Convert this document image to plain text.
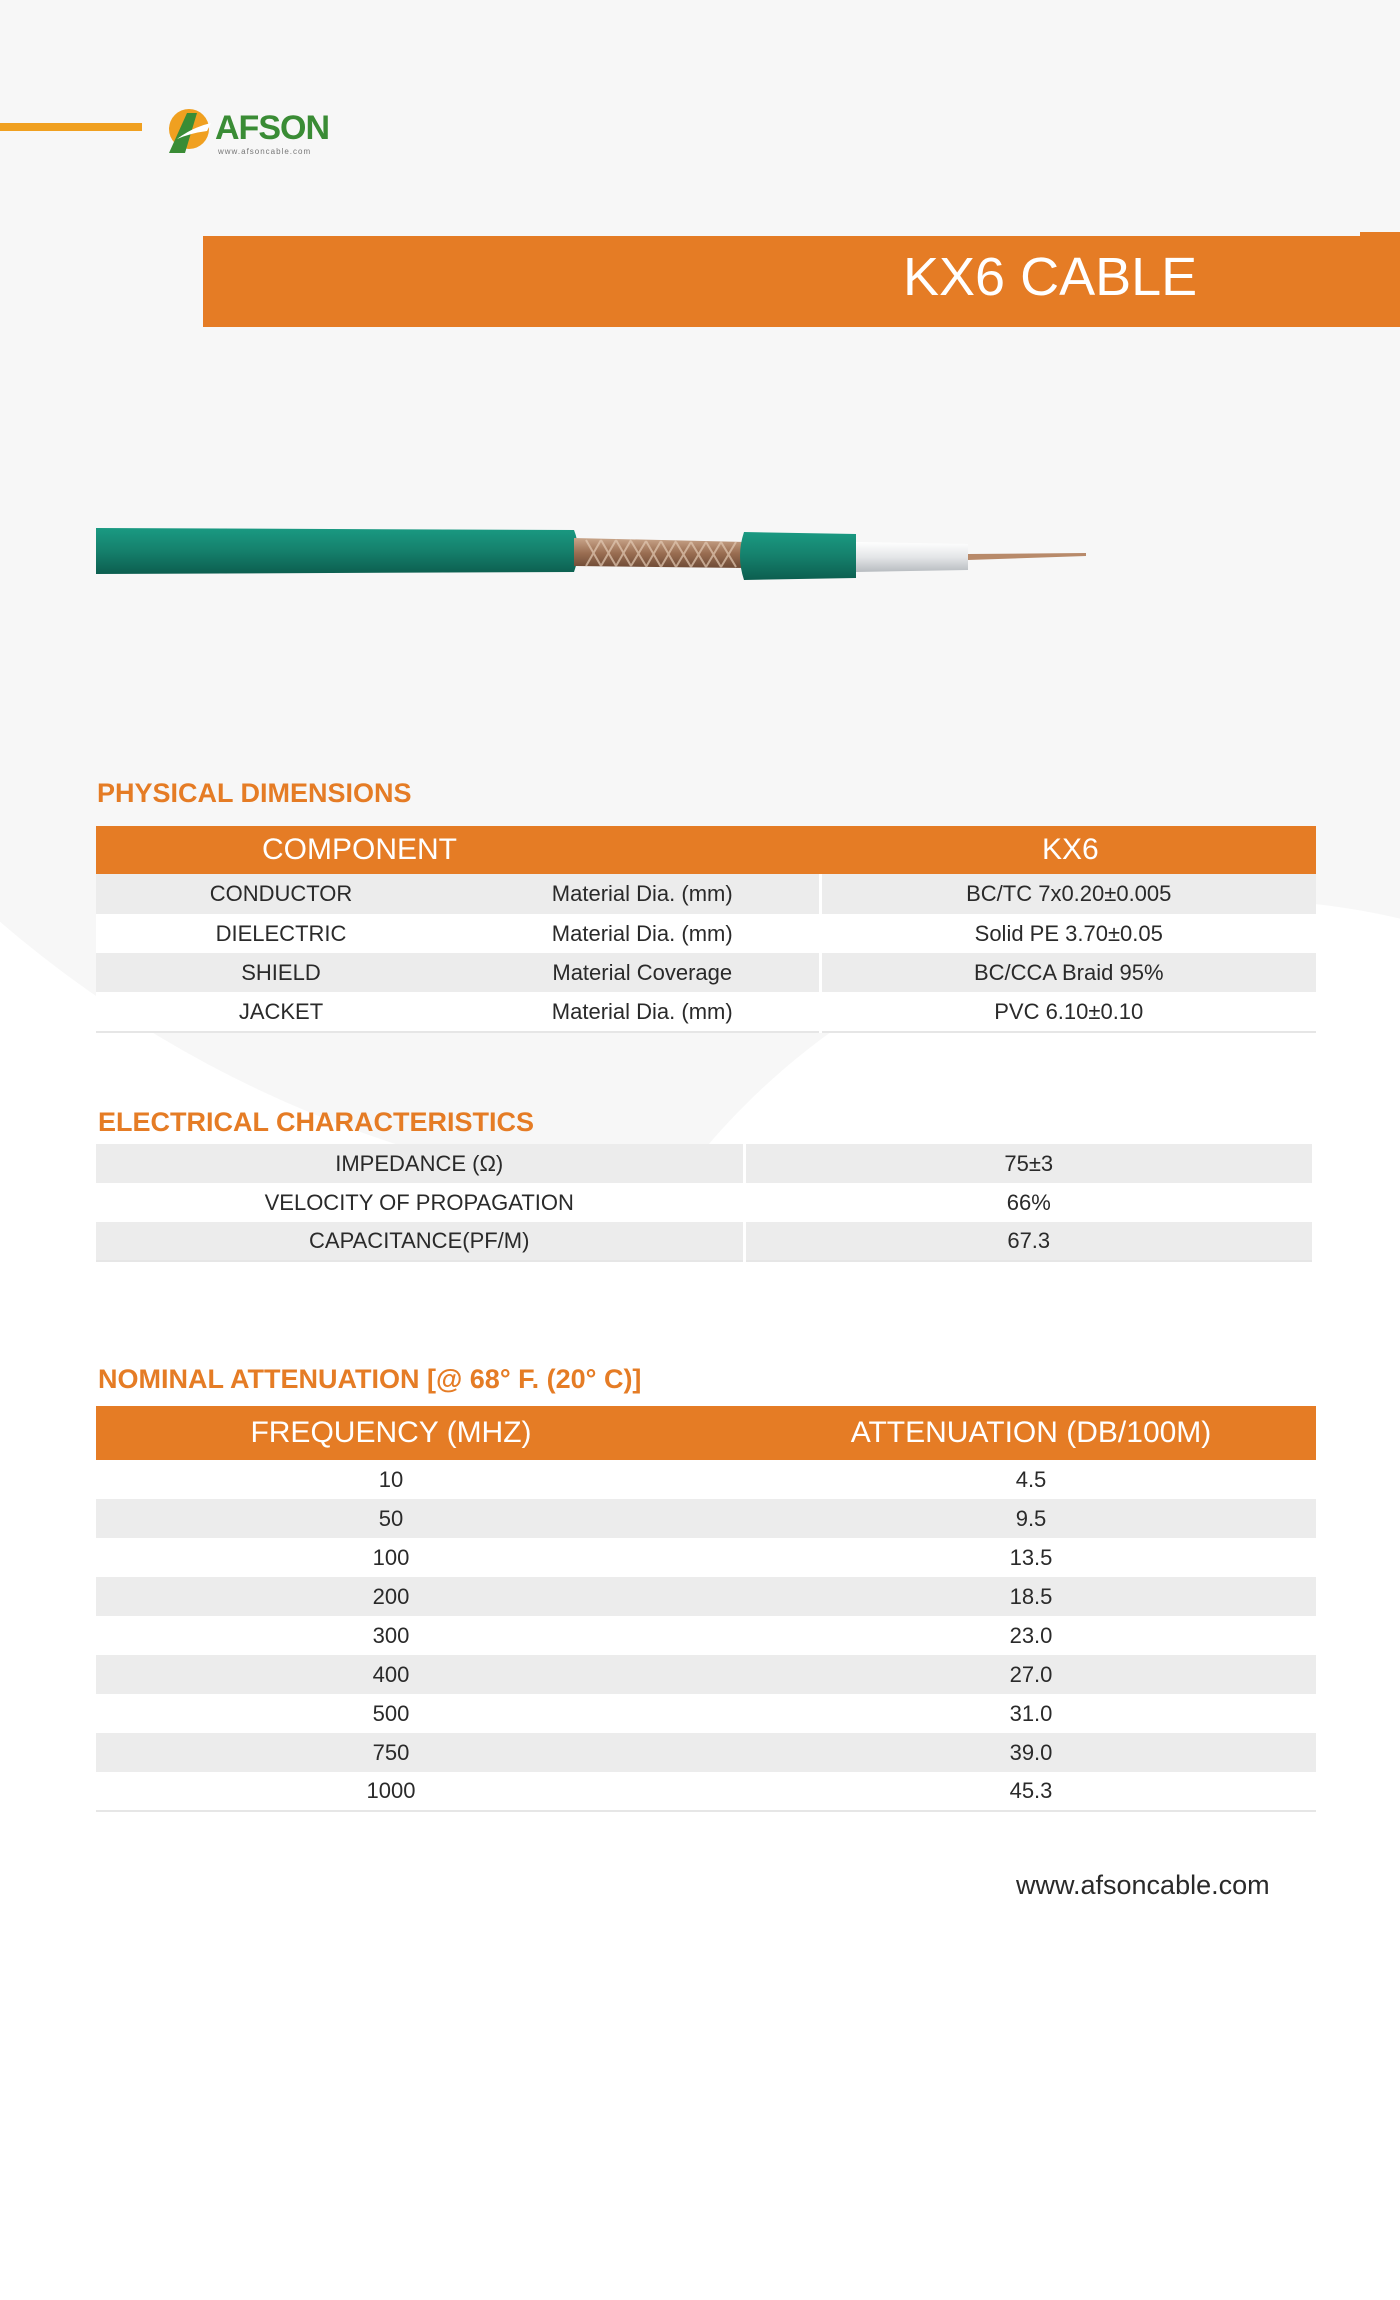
AFSON
www.afsoncable.com
KX6 CABLE
PHYSICAL DIMENSIONS
COMPONENT		KX6
CONDUCTOR	Material Dia. (mm)	BC/TC 7x0.20±0.005
DIELECTRIC	Material Dia. (mm)	Solid PE 3.70±0.05
SHIELD	Material Coverage	BC/CCA Braid 95%
JACKET	Material Dia. (mm)	PVC 6.10±0.10
ELECTRICAL CHARACTERISTICS
IMPEDANCE (Ω)	75±3
VELOCITY OF PROPAGATION	66%
CAPACITANCE(PF/M)	67.3
NOMINAL ATTENUATION [@ 68° F. (20° C)]
FREQUENCY (MHZ)	ATTENUATION (DB/100M)
10	4.5
50	9.5
100	13.5
200	18.5
300	23.0
400	27.0
500	31.0
750	39.0
1000	45.3
www.afsoncable.com
